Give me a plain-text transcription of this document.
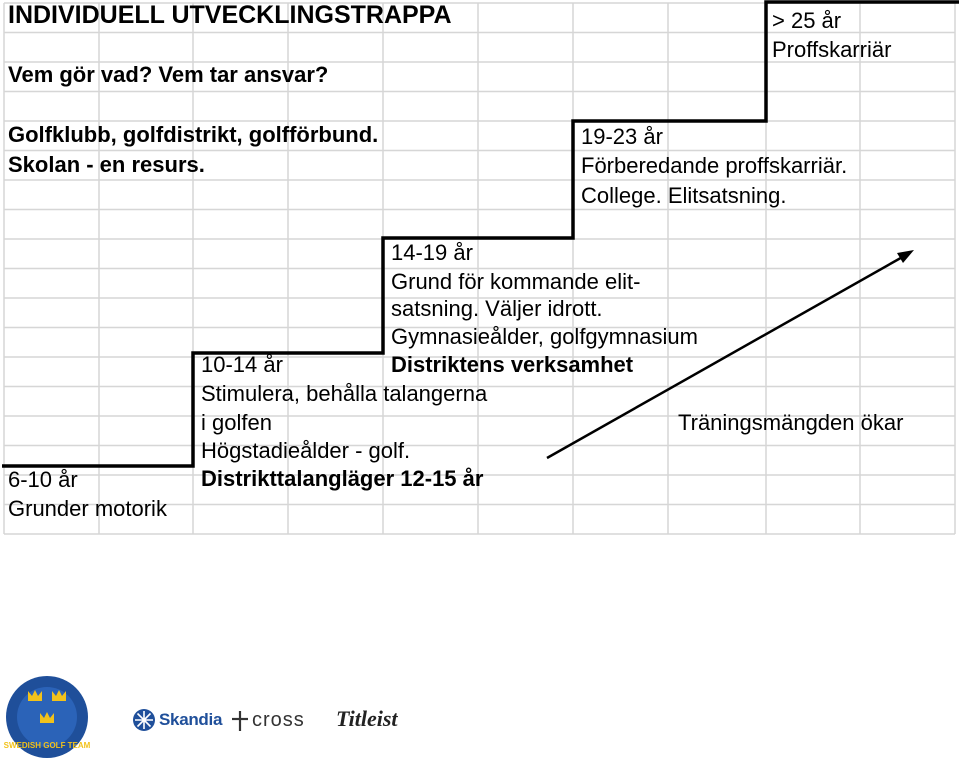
INDIVIDUELL UTVECKLINGSTRAPPA
Vem gör vad? Vem tar ansvar?
Golfklubb, golfdistrikt, golfförbund.
Skolan - en resurs.
> 25 år
Proffskarriär
19-23 år
Förberedande proffskarriär.
College. Elitsatsning.
14-19 år
Grund för kommande elit-
satsning. Väljer idrott.
Gymnasieålder, golfgymnasium
Distriktens verksamhet
10-14 år
Stimulera, behålla talangerna
i golfen
Högstadieålder - golf.
Distrikttalangläger 12-15 år
6-10 år
Grunder motorik
Träningsmängden ökar
SWEDISH GOLF TEAM
Skandia cross Titleist
